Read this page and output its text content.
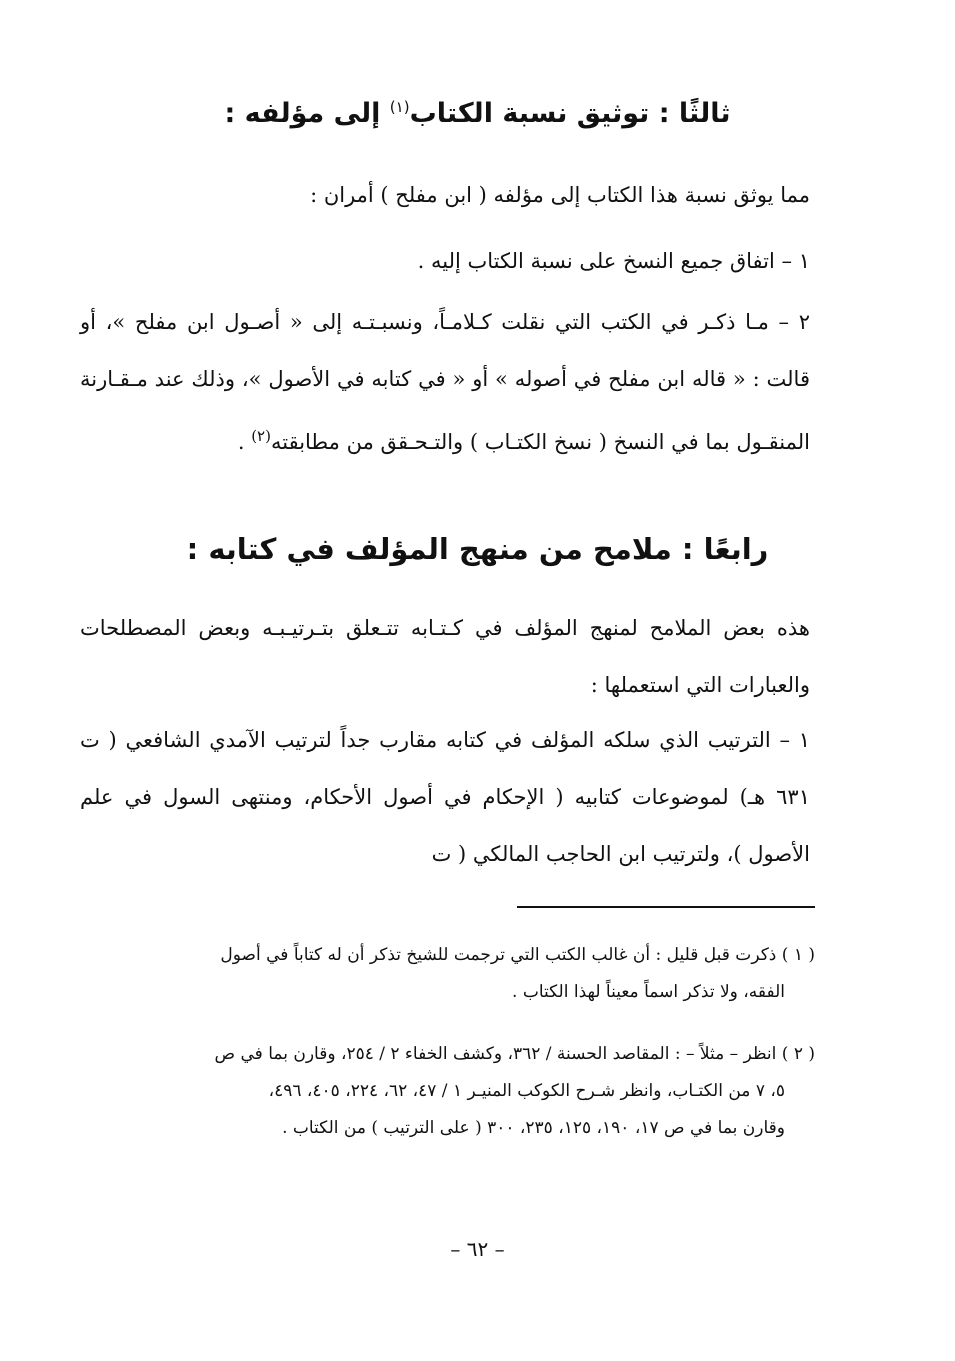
ثالثًا : توثيق نسبة الكتاب$^{(١)}$ إلى مؤلفه :
مما يوثق نسبة هذا الكتاب إلى مؤلفه ( ابن مفلح ) أمران :
١ – اتفاق جميع النسخ على نسبة الكتاب إليه .
٢ – مـا ذكـر في الكتب التي نقلت كـلامـاً، ونسبـتـه إلى « أصـول ابن مفلح »، أو قالت : « قاله ابن مفلح في أصوله » أو « في كتابه في الأصول »، وذلك عند مـقـارنة المنقـول بما في النسخ ( نسخ الكتـاب ) والتـحـقق من مطابقته$^{(٢)}$ .
رابعًا : ملامح من منهج المؤلف في كتابه :
هذه بعض الملامح لمنهج المؤلف في كـتـابه تتـعلق بتـرتيـبـه وبعض المصطلحات والعبارات التي استعملها :
١ – الترتيب الذي سلكه المؤلف في كتابه مقارب جداً لترتيب الآمدي الشافعي ( ت ٦٣١ هـ) لموضوعات كتابيه ( الإحكام في أصول الأحكام، ومنتهى السول في علم الأصول )، ولترتيب ابن الحاجب المالكي ( ت
( ١ ) ذكرت قبل قليل : أن غالب الكتب التي ترجمت للشيخ تذكر أن له كتاباً في أصول
الفقه، ولا تذكر اسماً معيناً لهذا الكتاب .
( ٢ ) انظر – مثلاً – : المقاصد الحسنة / ٣٦٢، وكشف الخفاء ٢ / ٢٥٤، وقارن بما في ص
٥، ٧ من الكتـاب، وانظر شـرح الكوكب المنيـر ١ / ٤٧، ٦٢، ٢٢٤، ٤٠٥، ٤٩٦،
وقارن بما في ص ١٧، ١٩٠، ١٢٥، ٢٣٥، ٣٠٠ ( على الترتيب ) من الكتاب .
– ٦٢ –
